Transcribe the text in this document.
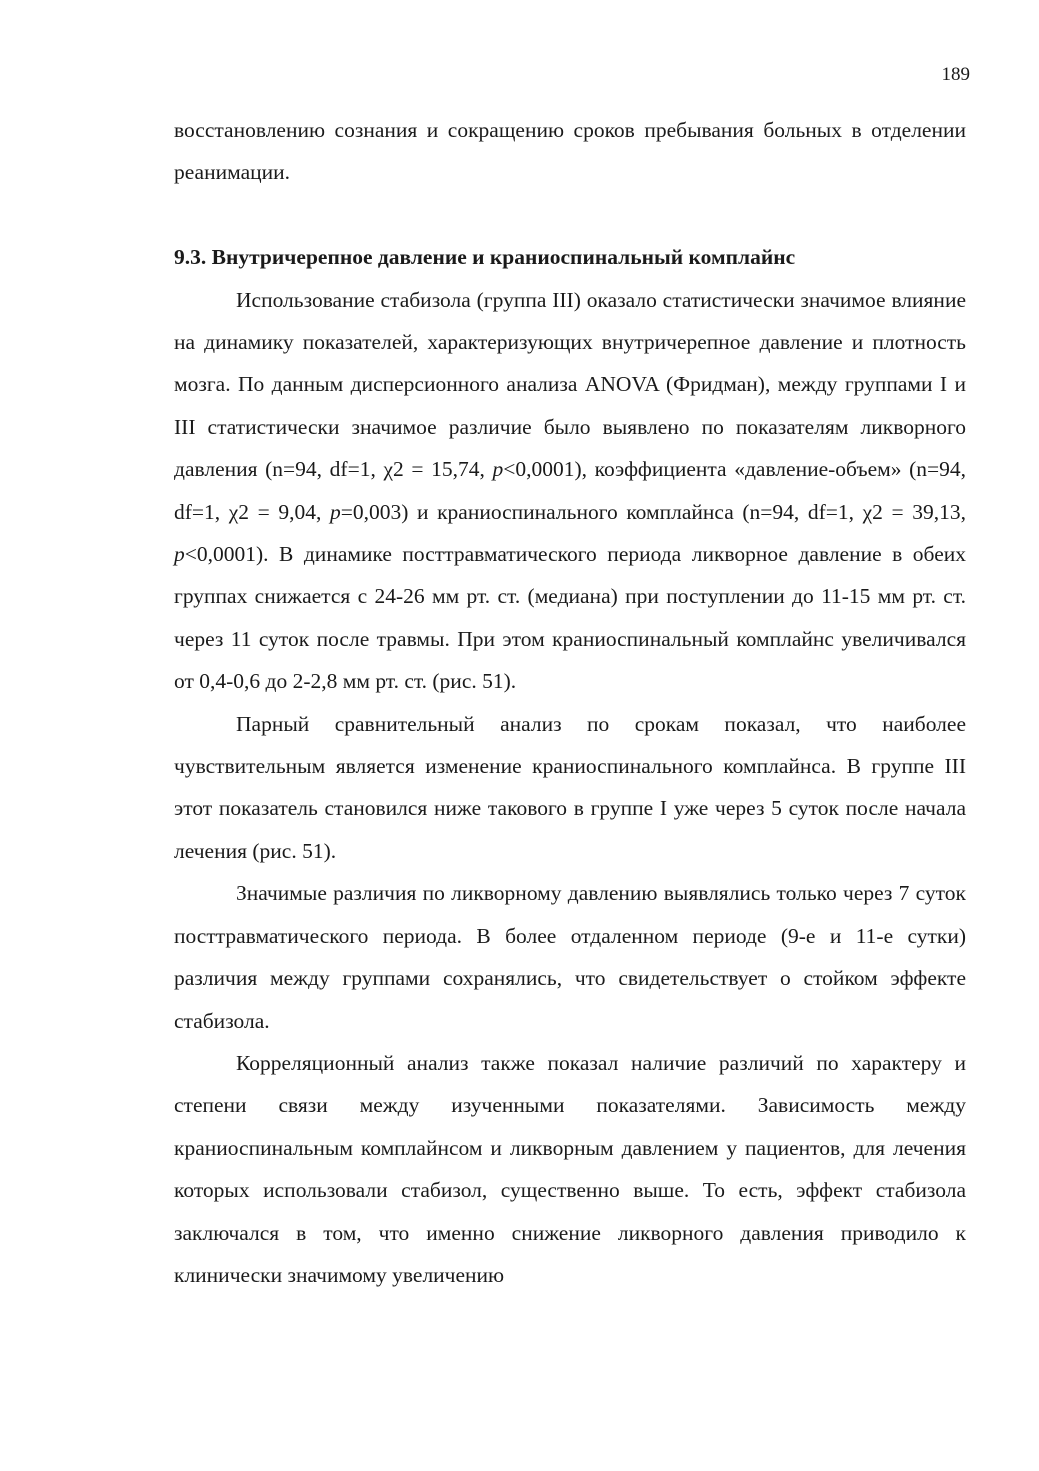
189

восстановлению сознания и сокращению сроков пребывания больных в отделении реанимации.

9.3. Внутричерепное давление и краниоспинальный комплайнс

Использование стабизола (группа III) оказало статистически значимое влияние на динамику показателей, характеризующих внутричерепное давление и плотность мозга. По данным дисперсионного анализа ANOVA (Фридман), между группами I и III статистически значимое различие было выявлено по показателям ликворного давления (n=94, df=1, χ2 = 15,74, p<0,0001), коэффициента «давление-объем» (n=94, df=1, χ2 = 9,04, p=0,003) и краниоспинального комплайнса (n=94, df=1, χ2 = 39,13, p<0,0001). В динамике посттравматического периода ликворное давление в обеих группах снижается с 24-26 мм рт. ст. (медиана) при поступлении до 11-15 мм рт. ст. через 11 суток после травмы. При этом краниоспинальный комплайнс увеличивался от 0,4-0,6 до 2-2,8 мм рт. ст. (рис. 51).

Парный сравнительный анализ по срокам показал, что наиболее чувствительным является изменение краниоспинального комплайнса. В группе III этот показатель становился ниже такового в группе I уже через 5 суток после начала лечения (рис. 51).

Значимые различия по ликворному давлению выявлялись только через 7 суток посттравматического периода. В более отдаленном периоде (9-е и 11-е сутки) различия между группами сохранялись, что свидетельствует о стойком эффекте стабизола.

Корреляционный анализ также показал наличие различий по характеру и степени связи между изученными показателями. Зависимость между краниоспинальным комплайнсом и ликворным давлением у пациентов, для лечения которых использовали стабизол, существенно выше. То есть, эффект стабизола заключался в том, что именно снижение ликворного давления приводило к клинически значимому увеличению
